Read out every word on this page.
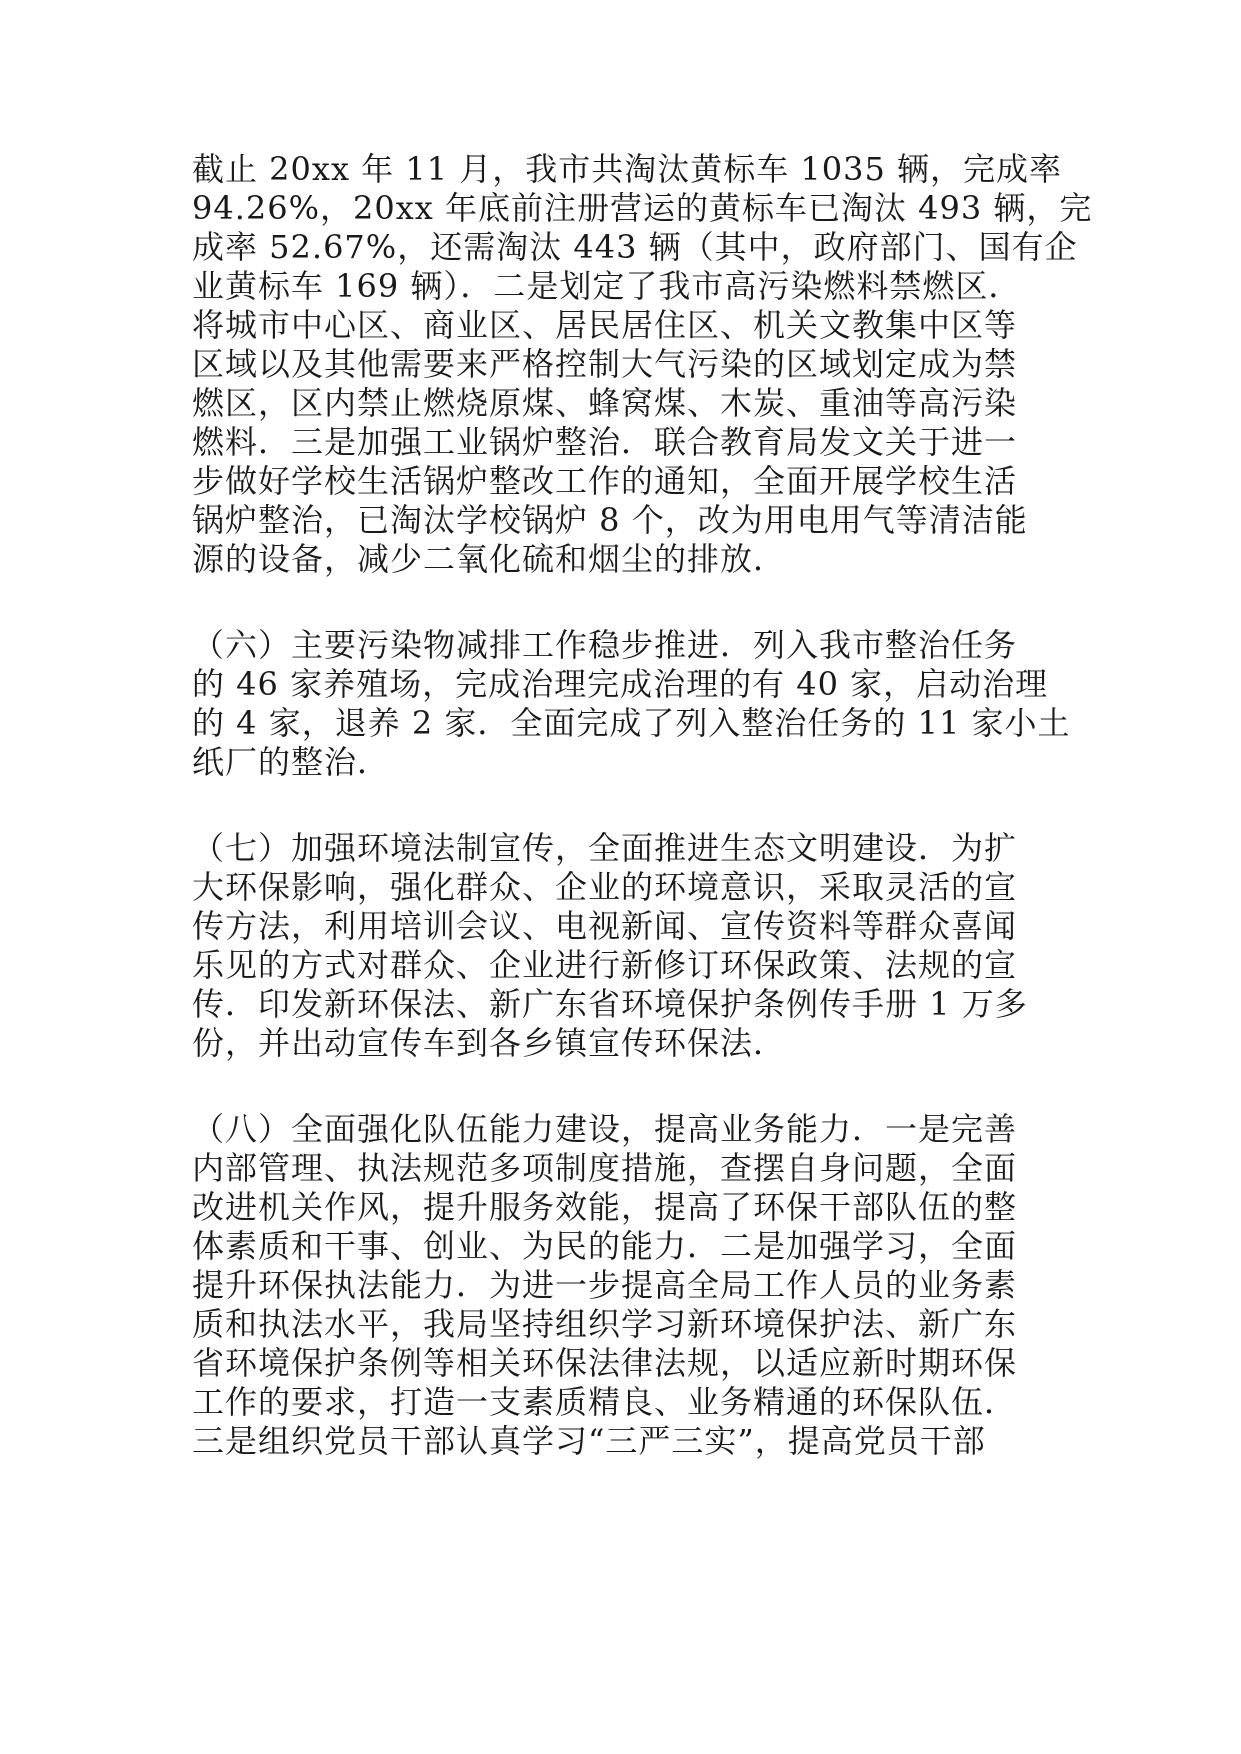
截止 20xx 年 11 月，我市共淘汰黄标车 1035 辆，完成率
94.26%，20xx 年底前注册营运的黄标车已淘汰 493 辆，完
成率 52.67%，还需淘汰 443 辆（其中，政府部门、国有企
业黄标车 169 辆）．二是划定了我市高污染燃料禁燃区．
将城市中心区、商业区、居民居住区、机关文教集中区等
区域以及其他需要来严格控制大气污染的区域划定成为禁
燃区，区内禁止燃烧原煤、蜂窝煤、木炭、重油等高污染
燃料．三是加强工业锅炉整治．联合教育局发文关于进一
步做好学校生活锅炉整改工作的通知，全面开展学校生活
锅炉整治，已淘汰学校锅炉 8 个，改为用电用气等清洁能
源的设备，减少二氧化硫和烟尘的排放．

（六）主要污染物减排工作稳步推进．列入我市整治任务
的 46 家养殖场，完成治理完成治理的有 40 家，启动治理
的 4 家，退养 2 家．全面完成了列入整治任务的 11 家小土
纸厂的整治．

（七）加强环境法制宣传，全面推进生态文明建设．为扩
大环保影响，强化群众、企业的环境意识，采取灵活的宣
传方法，利用培训会议、电视新闻、宣传资料等群众喜闻
乐见的方式对群众、企业进行新修订环保政策、法规的宣
传．印发新环保法、新广东省环境保护条例传手册 1 万多
份，并出动宣传车到各乡镇宣传环保法．

（八）全面强化队伍能力建设，提高业务能力．一是完善
内部管理、执法规范多项制度措施，查摆自身问题，全面
改进机关作风，提升服务效能，提高了环保干部队伍的整
体素质和干事、创业、为民的能力．二是加强学习，全面
提升环保执法能力．为进一步提高全局工作人员的业务素
质和执法水平，我局坚持组织学习新环境保护法、新广东
省环境保护条例等相关环保法律法规，以适应新时期环保
工作的要求，打造一支素质精良、业务精通的环保队伍．
三是组织党员干部认真学习“三严三实”，提高党员干部
